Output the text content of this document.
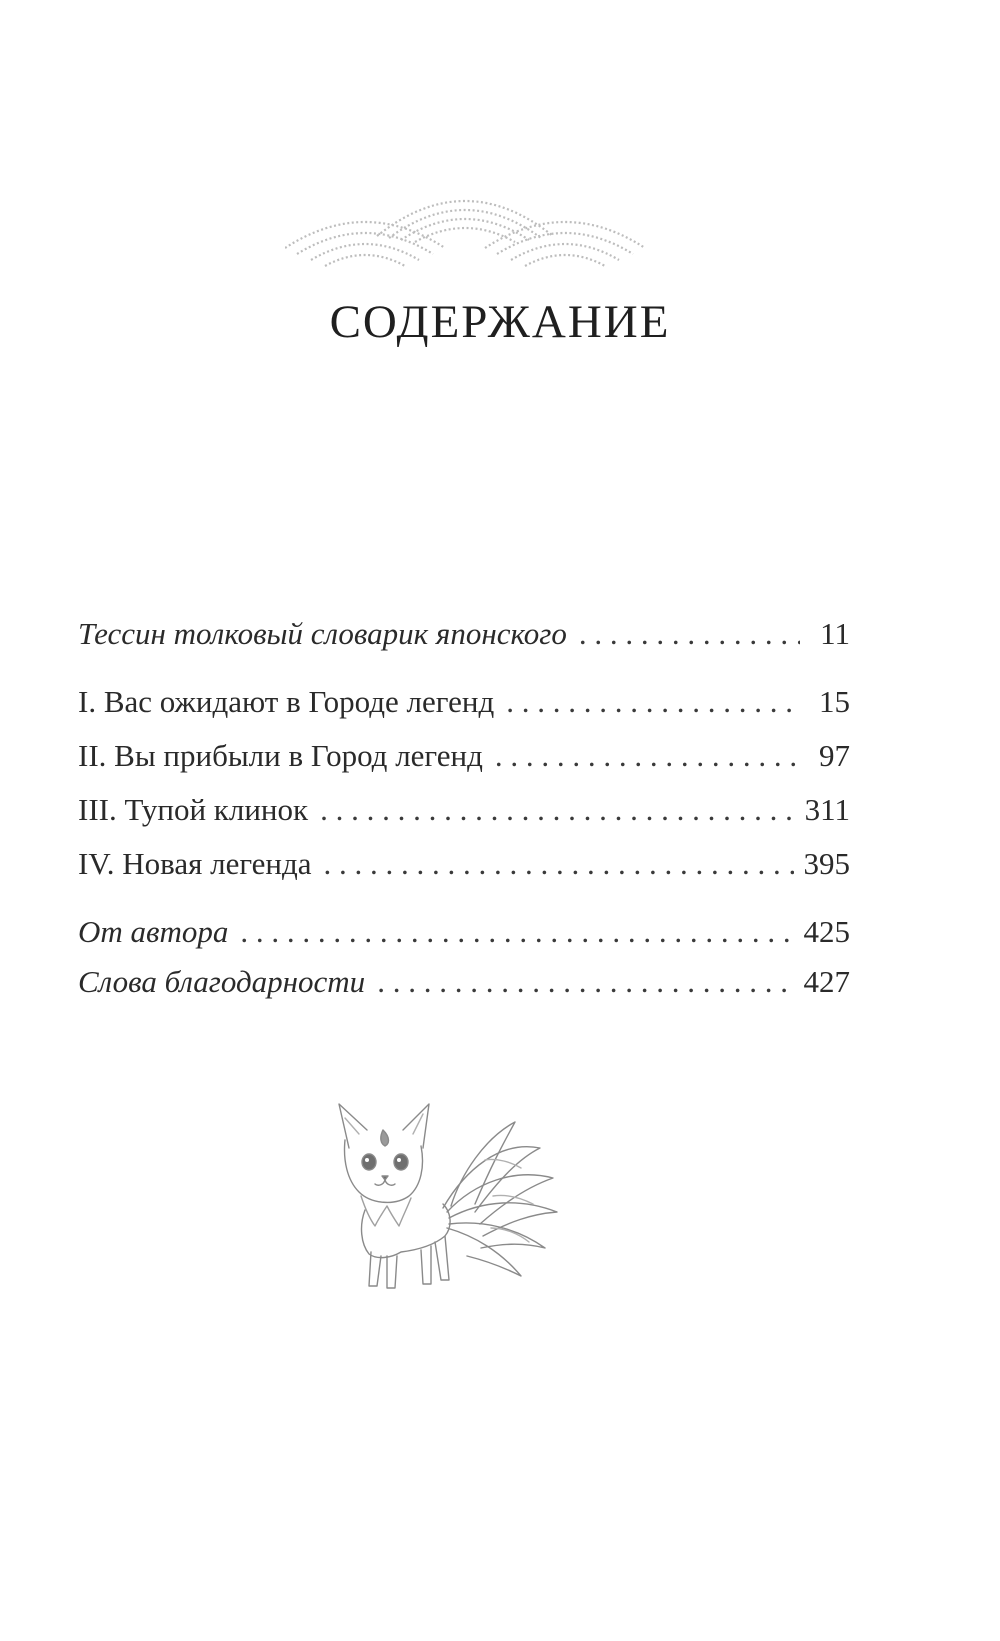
СОДЕРЖАНИЕ
Тессин толковый словарик японского . . .	11
I. Вас ожидают в Городе легенд . . .	15
II. Вы прибыли в Город легенд . . .	97
III. Тупой клинок . . .	311
IV. Новая легенда . . .	395
От автора . . .	425
Слова благодарности . . .	427
